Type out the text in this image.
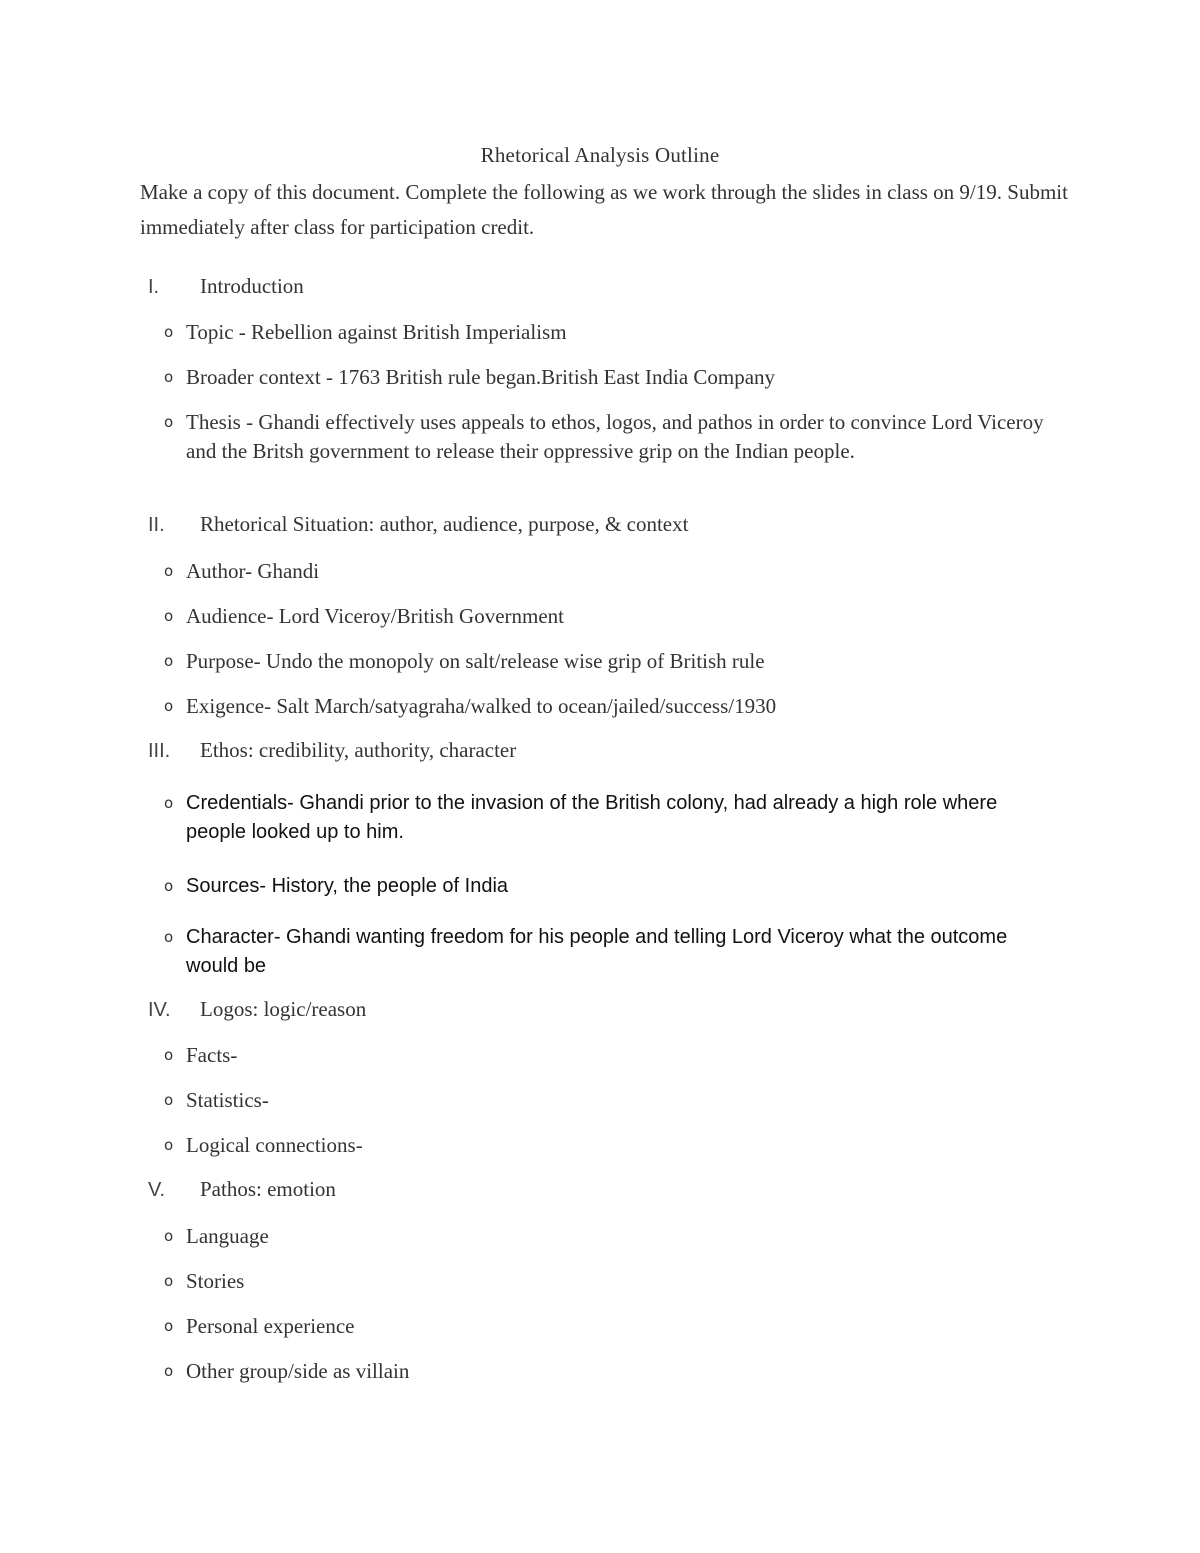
Rhetorical Analysis Outline
Make a copy of this document. Complete the following as we work through the slides in class on 9/19. Submit immediately after class for participation credit.
I.	Introduction
o Topic - Rebellion against British Imperialism
o Broader context - 1763 British rule began.British East India Company
o Thesis - Ghandi effectively uses appeals to ethos, logos, and pathos in order to convince Lord Viceroy and the Britsh government to release their oppressive grip on the Indian people.
II.	Rhetorical Situation: author, audience, purpose, & context
o Author- Ghandi
o Audience- Lord Viceroy/British Government
o Purpose- Undo the monopoly on salt/release wise grip of British rule
o Exigence- Salt March/satyagraha/walked to ocean/jailed/success/1930
III.	Ethos: credibility, authority, character
o Credentials- Ghandi prior to the invasion of the British colony, had already a high role where people looked up to him.
o Sources- History, the people of India
o Character- Ghandi wanting freedom for his people and telling Lord Viceroy what the outcome would be
IV.	Logos: logic/reason
o Facts-
o Statistics-
o Logical connections-
V.	Pathos: emotion
o Language
o Stories
o Personal experience
o Other group/side as villain
